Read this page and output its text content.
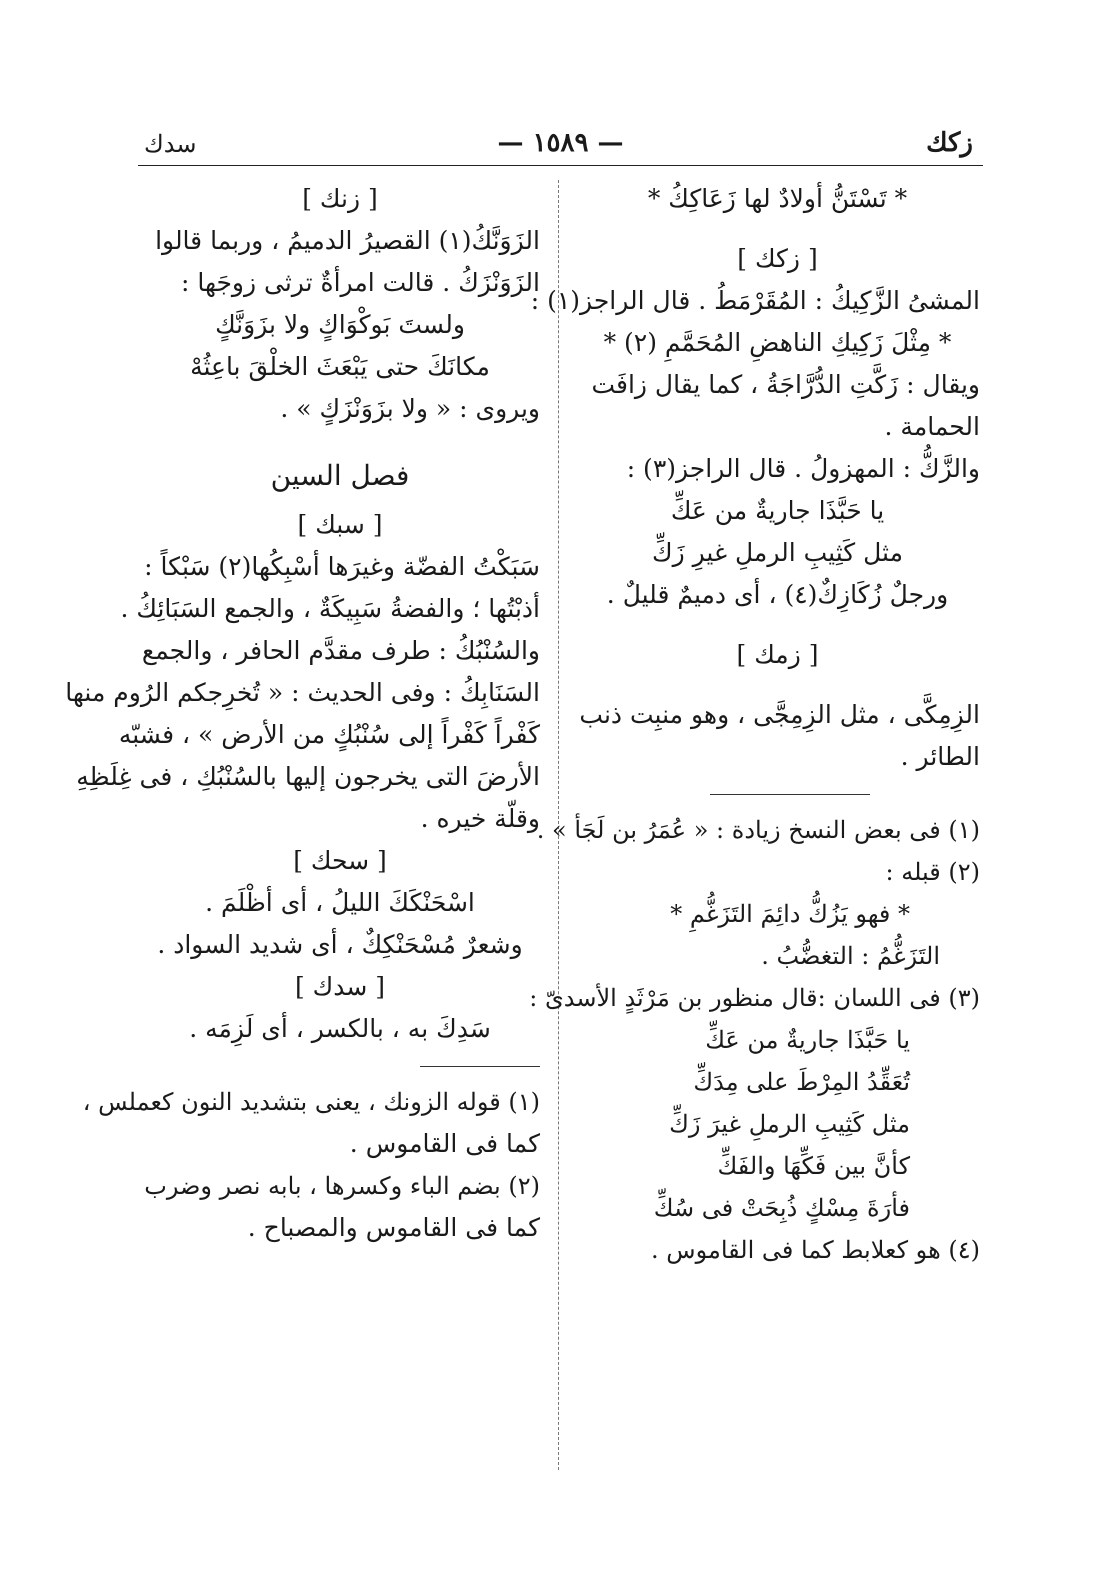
زكك
— ١٥٨٩ —
سدك
* تَسْتَنُّ أولادٌ لها زَعَاكِكُ *
[ زكك ]
المشىُ الزَّكِيكُ : المُقَرْمَطُ . قال الراجز(١) :
* مِثْلَ زَكِيكِ الناهضِ المُحَمَّمِ (٢) *
ويقال : زَكَّتِ الدُّرَّاجَةُ ، كما يقال زافَت
الحمامة .
والزَّكُّ : المهزولُ . قال الراجز(٣) :
يا حَبَّذَا جاريةٌ من عَكِّ
مثل كَثِيبِ الرملِ غيرِ زَكِّ
ورجلٌ زُكَازِكٌ(٤) ، أى دميمٌ قليلٌ .
[ زمك ]
الزِمِكَّى ، مثل الزِمِجَّى ، وهو منبِت ذنب
الطائر .
(١) فى بعض النسخ زيادة : « عُمَرُ بن لَجَأ » .
(٢) قبله :
* فهو يَزُكُّ دائِمَ التَزَغُّمِ *
التَزَغُّمُ : التغضُّبُ .
(٣) فى اللسان :قال منظور بن مَرْثَدٍ الأسدىّ :
يا حَبَّذَا جاريةٌ من عَكِّ
تُعَقِّدُ المِرْطَ على مِدَكِّ
مثل كَثِيبِ الرملِ غيرَ زَكِّ
كأنَّ بين فَكِّهَا والفَكِّ
فأرَةَ مِسْكٍ ذُبِحَتْ فى سُكِّ
(٤) هو كعلابط كما فى القاموس .
[ زنك ]
الزَوَنَّكُ(١) القصيرُ الدميمُ ، وربما قالوا
الزَوَنْزَكُ . قالت امرأةٌ ترثى زوجَها :
ولستَ بَوكْوَاكٍ ولا بزَوَنَّكٍ
مكانَكَ حتى يَبْعَثَ الخلْقَ باعِثُهْ
ويروى : « ولا بزَوَنْزَكٍ » .
فصل السين
[ سبك ]
سَبَكْتُ الفضّة وغيرَها أسْبِكُها(٢) سَبْكاً :
أذبْتُها ؛ والفضةُ سَبِيكَةٌ ، والجمع السَبَائِكُ .
والسُنْبُكُ : طرف مقدَّم الحافر ، والجمع
السَنَابِكُ : وفى الحديث : « تُخرِجكم الرُوم منها
كَفْراً كَفْراً إلى سُنْبُكٍ من الأرض » ، فشبّه
الأرضَ التى يخرجون إليها بالسُنْبُكِ ، فى غِلَظِهِ
وقلّة خيره .
[ سحك ]
اسْحَنْكَكَ الليلُ ، أى أظْلَمَ .
وشعرٌ مُسْحَنْكِكٌ ، أى شديد السواد .
[ سدك ]
سَدِكَ به ، بالكسر ، أى لَزِمَه .
(١) قوله الزونك ، يعنى بتشديد النون كعملس ،
كما فى القاموس .
(٢) بضم الباء وكسرها ، بابه نصر وضرب
كما فى القاموس والمصباح .
